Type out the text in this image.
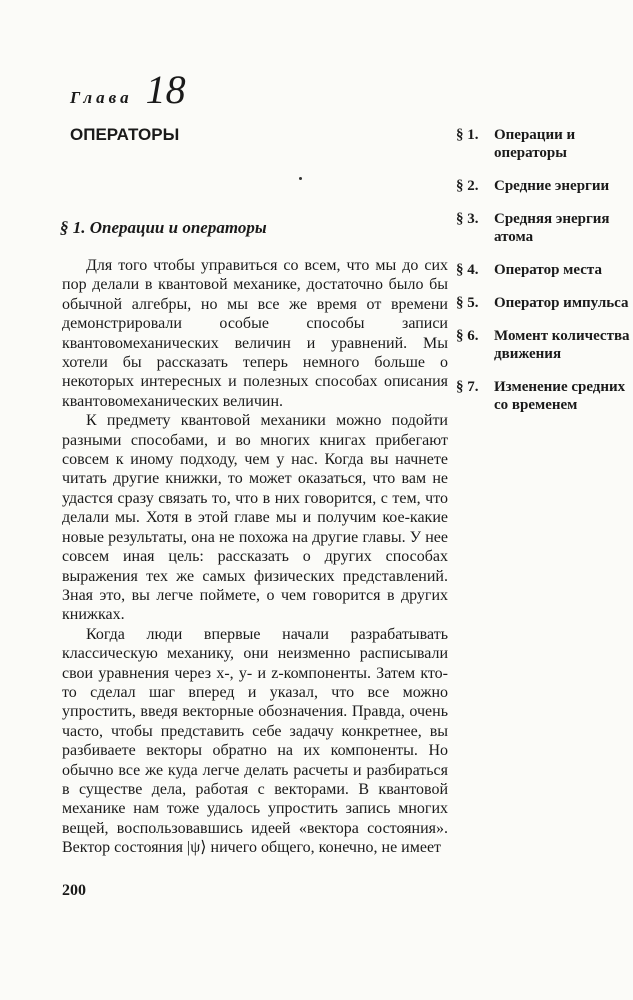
Глава 18
ОПЕРАТОРЫ
§ 1. Операции и операторы

Для того чтобы управиться со всем, что мы до сих пор делали в квантовой механике, достаточно было бы обычной алгебры, но мы все же время от времени демонстрировали особые способы записи квантовомеханических величин и уравнений. Мы хотели бы рассказать теперь немного больше о некоторых интересных и полезных способах описания квантовомеханических величин.

К предмету квантовой механики можно подойти разными способами, и во многих книгах прибегают совсем к иному подходу, чем у нас. Когда вы начнете читать другие книжки, то может оказаться, что вам не удастся сразу связать то, что в них говорится, с тем, что делали мы. Хотя в этой главе мы и получим кое-какие новые результаты, она не похожа на другие главы. У нее совсем иная цель: рассказать о других способах выражения тех же самых физических представлений. Зная это, вы легче поймете, о чем говорится в других книжках.

Когда люди впервые начали разрабатывать классическую механику, они неизменно расписывали свои уравнения через x-, y- и z-компоненты. Затем кто-то сделал шаг вперед и указал, что все можно упростить, введя векторные обозначения. Правда, очень часто, чтобы представить себе задачу конкретнее, вы разбиваете векторы обратно на их компоненты. Но обычно все же куда легче делать расчеты и разбираться в существе дела, работая с векторами. В квантовой механике нам тоже удалось упростить запись многих вещей, воспользовавшись идеей «вектора состояния». Вектор состояния |ψ⟩ ничего общего, конечно, не имеет

§ 1.	Операции и операторы
§ 2.	Средние энергии
§ 3.	Средняя энергия атома
§ 4.	Оператор места
§ 5.	Оператор импульса
§ 6.	Момент количества движения
§ 7.	Изменение средних со временем
200
